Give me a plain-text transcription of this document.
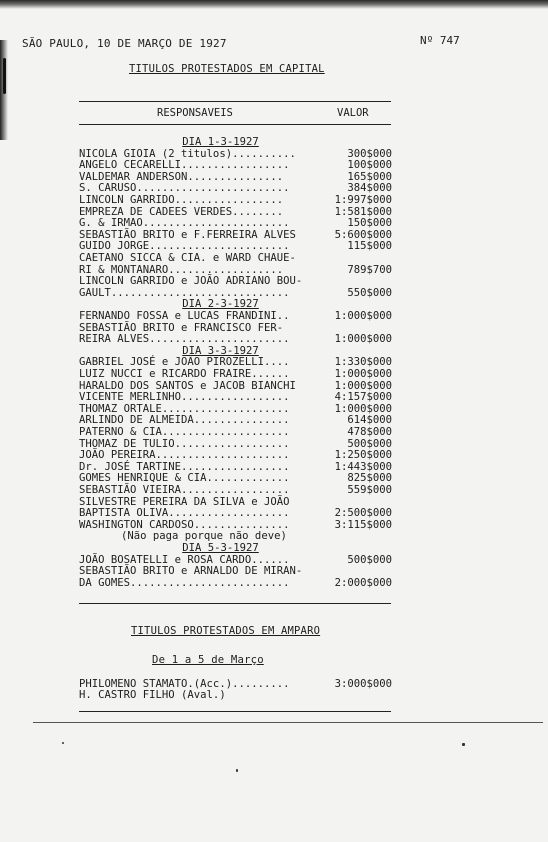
SÃO PAULO, 10 DE MARÇO DE 1927	Nº 747
TITULOS PROTESTADOS EM CAPITAL
RESPONSAVEIS	VALOR
DIA 1-3-1927
NICOLA GIOIA (2 titulos)..........	300$000
ANGELO CECARELLI.................	100$000
VALDEMAR ANDERSON...............	165$000
S. CARUSO........................	384$000
LINCOLN GARRIDO.................	1:997$000
EMPREZA DE CADEES VERDES........	1:581$000
G. & IRMAO.......................	150$000
SEBASTIÃO BRITO e F.FERREIRA ALVES	5:600$000
GUIDO JORGE......................	115$000
CAETANO SICCA & CIA. e WARD CHAUE-
RI & MONTANARO..................	789$700
LINCOLN GARRIDO e JOÃO ADRIANO BOU-
GAULT............................	550$000
DIA 2-3-1927
FERNANDO FOSSA e LUCAS FRANDINI..	1:000$000
SEBASTIÃO BRITO e FRANCISCO FER-
REIRA ALVES......................	1:000$000
DIA 3-3-1927
GABRIEL JOSÉ e JOÃO PIROZELLI....	1:330$000
LUIZ NUCCI e RICARDO FRAIRE......	1:000$000
HARALDO DOS SANTOS e JACOB BIANCHI	1:000$000
VICENTE MERLINHO.................	4:157$000
THOMAZ ORTALE....................	1:000$000
ARLINDO DE ALMEIDA...............	614$000
PATERNO & CIA....................	478$000
THOMAZ DE TULIO..................	500$000
JOÃO PEREIRA.....................	1:250$000
Dr. JOSÉ TARTINE.................	1:443$000
GOMES HENRIQUE & CIA.............	825$000
SEBASTIÃO VIEIRA.................	559$000
SILVESTRE PEREIRA DA SILVA e JOÃO
BAPTISTA OLIVA...................	2:500$000
WASHINGTON CARDOSO...............	3:115$000
(Não paga porque não deve)
DIA 5-3-1927
JOÃO BOSATELLI e ROSA CARDO......	500$000
SEBASTIÃO BRITO e ARNALDO DE MIRAN-
DA GOMES.........................	2:000$000
TITULOS PROTESTADOS EM AMPARO
De 1 a 5 de Março
PHILOMENO STAMATO.(Acc.).........	3:000$000
H. CASTRO FILHO (Aval.)
